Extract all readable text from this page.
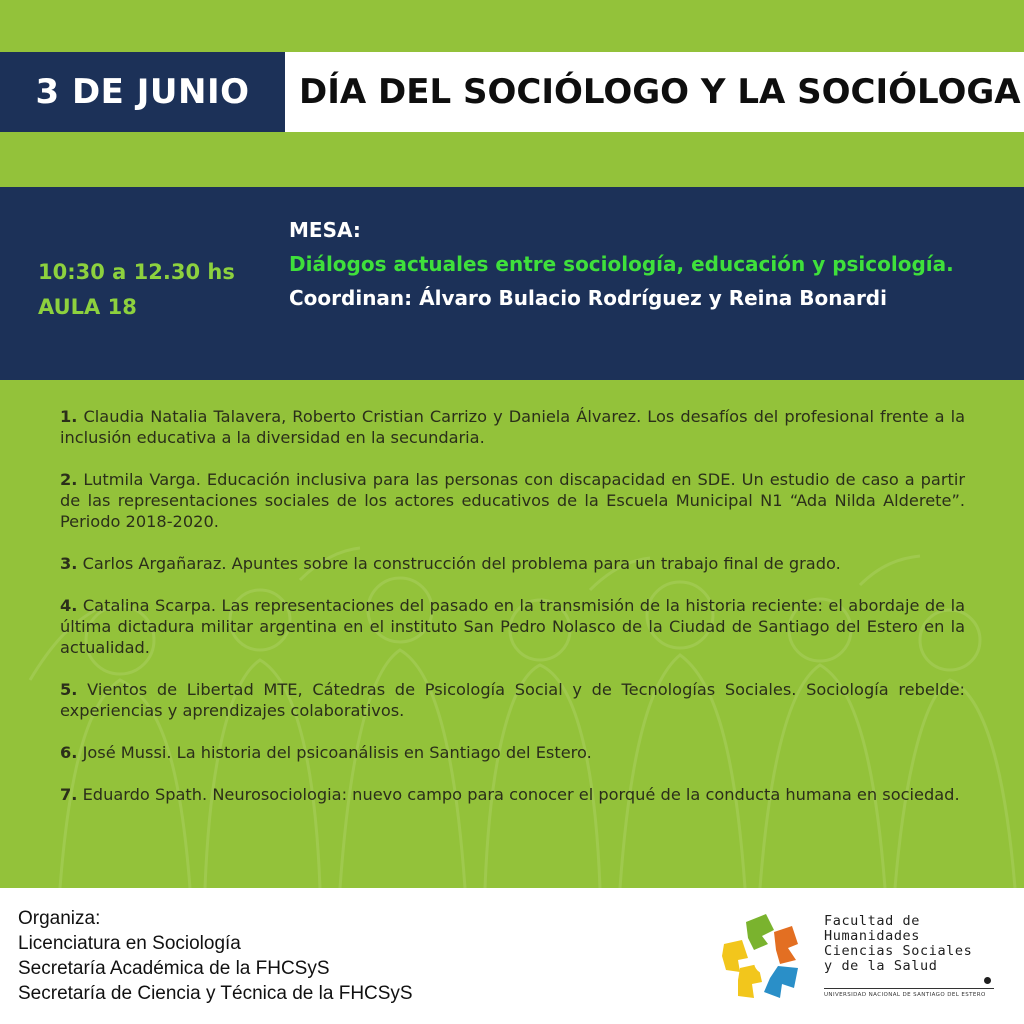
3 DE JUNIO	DÍA DEL SOCIÓLOGO Y LA SOCIÓLOGA
10:30 a 12.30 hs
AULA 18
MESA:
Diálogos actuales entre sociología, educación y psicología.
Coordinan: Álvaro Bulacio Rodríguez y Reina Bonardi

1. Claudia Natalia Talavera, Roberto Cristian Carrizo y Daniela Álvarez. Los desafíos del profesional frente a la inclusión educativa a la diversidad en la secundaria.

2. Lutmila Varga. Educación inclusiva para las personas con discapacidad en SDE. Un estudio de caso a partir de las representaciones sociales de los actores educativos de la Escuela Municipal N1 “Ada Nilda Alderete”. Periodo 2018-2020.

3. Carlos Argañaraz. Apuntes sobre la construcción del problema para un trabajo final de grado.

4. Catalina Scarpa. Las representaciones del pasado en la transmisión de la historia reciente: el abordaje de la última dictadura militar argentina en el instituto San Pedro Nolasco de la Ciudad de Santiago del Estero en la actualidad.

5. Vientos de Libertad MTE, Cátedras de Psicología Social y de Tecnologías Sociales. Sociología rebelde: experiencias y aprendizajes colaborativos.

6. José Mussi. La historia del psicoanálisis en Santiago del Estero.

7. Eduardo Spath. Neurosociologia: nuevo campo para conocer el porqué de la conducta humana en sociedad.

Organiza:
Licenciatura en Sociología
Secretaría Académica de la FHCSyS
Secretaría de Ciencia y Técnica de la FHCSyS
Facultad de
Humanidades
Ciencias Sociales
y de la Salud
UNIVERSIDAD NACIONAL DE SANTIAGO DEL ESTERO
